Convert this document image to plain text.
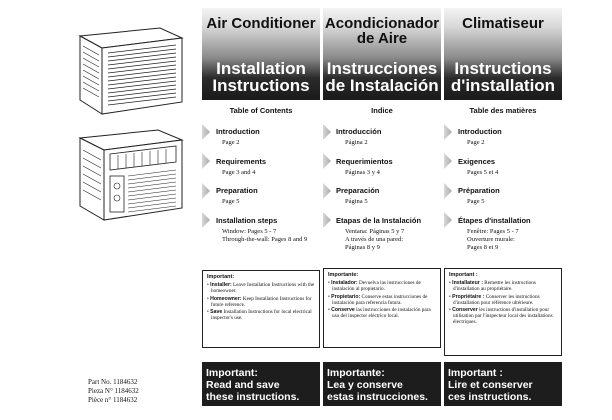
Air Conditioner
Installation Instructions
Table of Contents
Acondicionador de Aire
Instrucciones de Instalación
Indice
Climatiseur
Instructions d'installation
Table des matières
Introduction
Page 2
Requirements
Page 3 and 4
Preparation
Page 5
Installation steps
Window: Pages 5 - 7
Through-the-wall: Pages 8 and 9
Introducción
Página 2
Requerimientos
Páginas 3 y 4
Preparación
Página 5
Etapas de la Instalación
Ventana: Páginas 5 y 7
A través de una pared:
Páginas 8 y 9
Introduction
Page 2
Exigences
Pages 5 et 4
Préparation
Page 5
Étapes d'installation
Fenêtre: Pages 5 - 7
Ouverture murale:
Pages 8 et 9
Important:
• Installer: Leave Installation Instructions with the homeowner.
• Homeowner: Keep Installation Instructions for future reference.
• Save Installation Instructions for local electrical inspector's use.
Importante:
• Instalador: Devuelva las instrucciones de instalación al propietario.
• Propietario: Conserve estas instrucciones de instalación para referencia futura.
• Conserve las instrucciones de instalación para uso del inspector eléctrico local.
Important :
• Installateur : Remettre les instructions d'installation au propriétaire.
• Propriétaire : Conserver les instructions d'installation pour référence ultérieure.
• Conserver les instructions d'installation pour utilisation par l'inspecteur local des installations électriques.
Important:
Read and save
these instructions.
Importante:
Lea y conserve
estas instrucciones.
Important :
Lire et conserver
ces instructions.
Part No. 1184632
Pieza N° 1184632
Pièce n° 1184632
